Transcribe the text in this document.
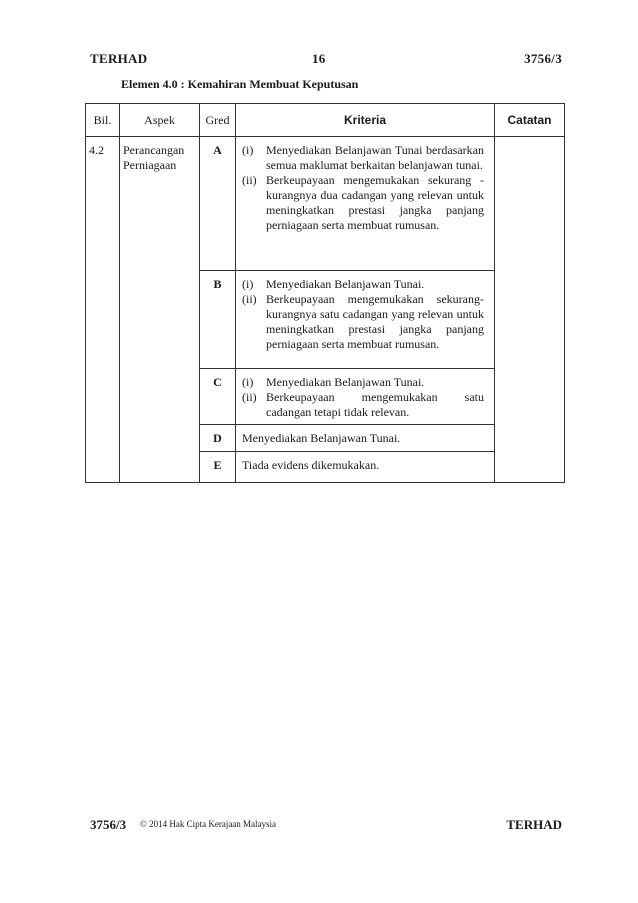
TERHAD	16	3756/3
Elemen 4.0 : Kemahiran Membuat Keputusan
Bil.	Aspek	Gred	Kriteria	Catatan
4.2	Perancangan Perniagaan	A	(i) Menyediakan Belanjawan Tunai berdasarkan semua maklumat berkaitan belanjawan tunai.
(ii) Berkeupayaan mengemukakan sekurang -kurangnya dua cadangan yang relevan untuk meningkatkan prestasi jangka panjang perniagaan serta membuat rumusan.	

		B	(i) Menyediakan Belanjawan Tunai.
(ii) Berkeupayaan mengemukakan sekurang-kurangnya satu cadangan yang relevan untuk meningkatkan prestasi jangka panjang perniagaan serta membuat rumusan.	

		C	(i) Menyediakan Belanjawan Tunai.
(ii) Berkeupayaan mengemukakan satu cadangan tetapi tidak relevan.	

		D	Menyediakan Belanjawan Tunai.	

		E	Tiada evidens dikemukakan.	
3756/3 © 2014 Hak Cipta Kerajaan Malaysia	TERHAD
